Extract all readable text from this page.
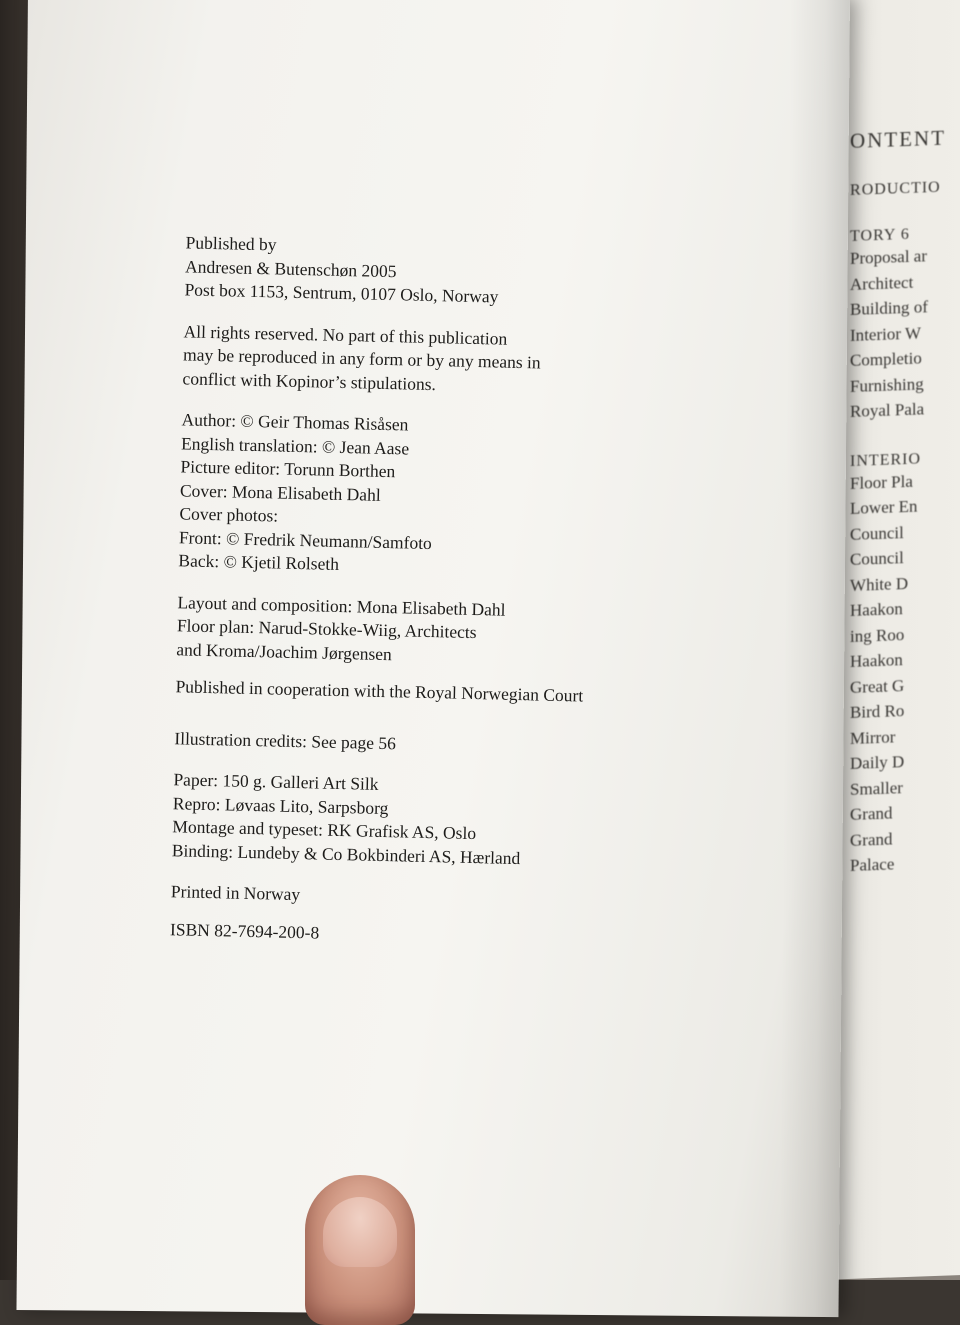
ONTENT
RODUCTIO
TORY 6
Proposal ar
Architect
Building of
Interior W
Completio
Furnishing
Royal Pala
INTERIO
Floor Pla
Lower En
Council
Council
White D
Haakon
ing Roo
Haakon
Great G
Bird Ro
Mirror
Daily D
Smaller
Grand
Grand
Palace
Published by
Andresen & Butenschøn 2005
Post box 1153, Sentrum, 0107 Oslo, Norway
All rights reserved. No part of this publication
may be reproduced in any form or by any means in
conflict with Kopinor’s stipulations.
Author: © Geir Thomas Risåsen
English translation: © Jean Aase
Picture editor: Torunn Borthen
Cover: Mona Elisabeth Dahl
Cover photos:
Front: © Fredrik Neumann/Samfoto
Back: © Kjetil Rolseth
Layout and composition: Mona Elisabeth Dahl
Floor plan: Narud-Stokke-Wiig, Architects
and Kroma/Joachim Jørgensen
Published in cooperation with the Royal Norwegian Court
Illustration credits: See page 56
Paper: 150 g. Galleri Art Silk
Repro: Løvaas Lito, Sarpsborg
Montage and typeset: RK Grafisk AS, Oslo
Binding: Lundeby & Co Bokbinderi AS, Hærland
Printed in Norway
ISBN 82-7694-200-8
